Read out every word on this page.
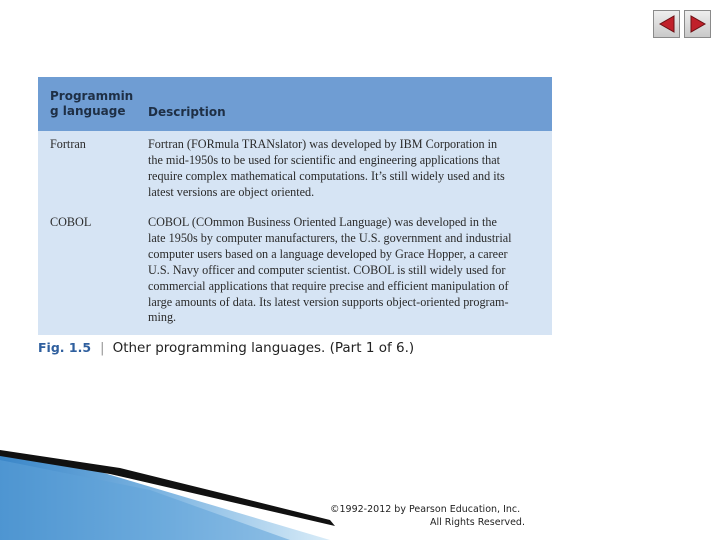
Programmin
g language	Description
Fortran	Fortran (FORmula TRANslator) was developed by IBM Corporation in
the mid-1950s to be used for scientific and engineering applications that
require complex mathematical computations. It’s still widely used and its
latest versions are object oriented.
COBOL	COBOL (COmmon Business Oriented Language) was developed in the
late 1950s by computer manufacturers, the U.S. government and industrial
computer users based on a language developed by Grace Hopper, a career
U.S. Navy officer and computer scientist. COBOL is still widely used for
commercial applications that require precise and efficient manipulation of
large amounts of data. Its latest version supports object-oriented program-
ming.
Fig. 1.5 | Other programming languages. (Part 1 of 6.)
©1992-2012 by Pearson Education, Inc.
All Rights Reserved.
